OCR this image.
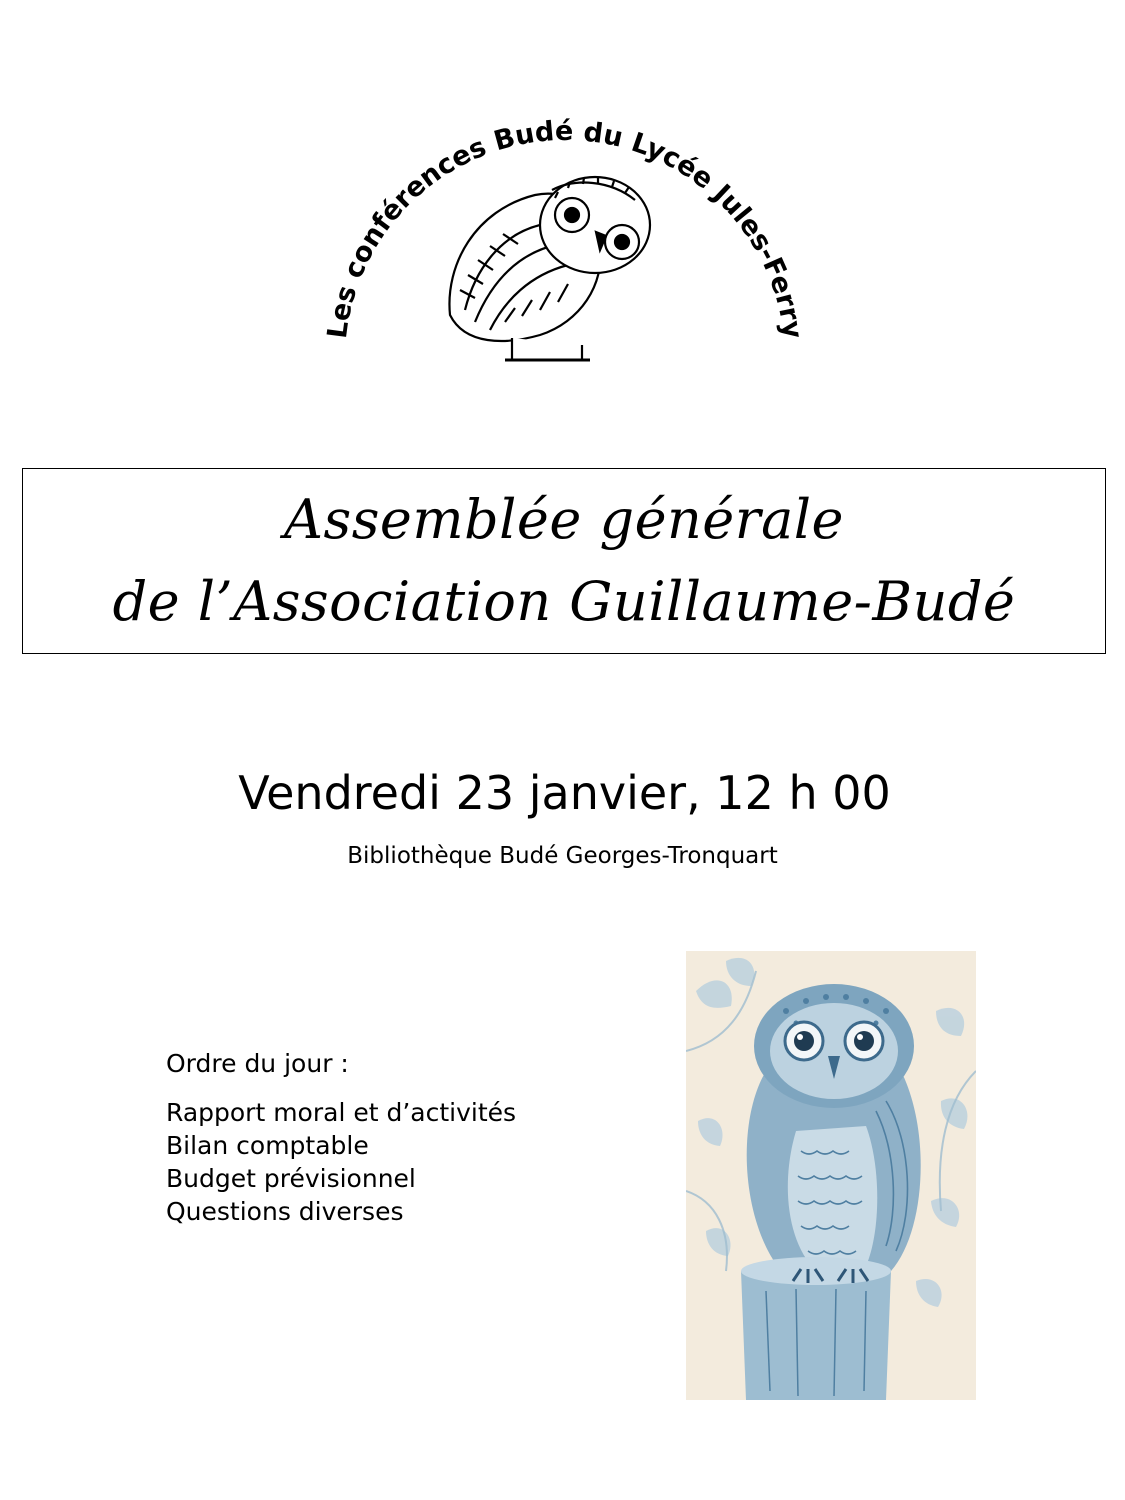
Les conférences Budé du Lycée Jules-Ferry
Assemblée générale
de l’Association Guillaume-Budé
Vendredi 23 janvier, 12 h 00
Bibliothèque Budé Georges-Tronquart
Ordre du jour :
Rapport moral et d’activités
Bilan comptable
Budget prévisionnel
Questions diverses
